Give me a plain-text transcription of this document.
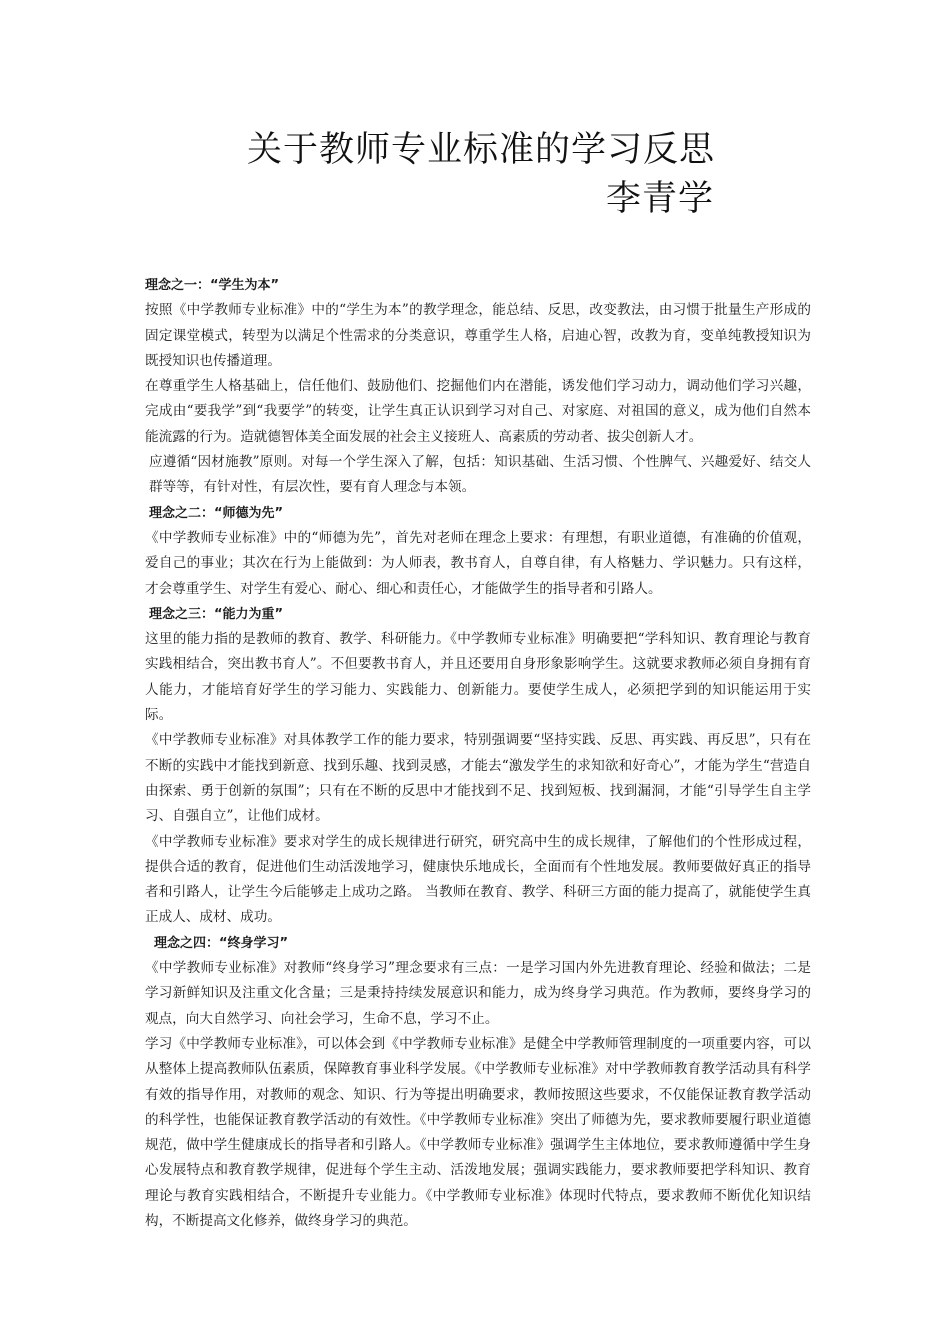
关于教师专业标准的学习反思
李青学

理念之一：“学生为本”

按照《中学教师专业标准》中的“学生为本”的教学理念，能总结、反思，改变教法，由习惯于批量生产形成的固定课堂模式，转型为以满足个性需求的分类意识，尊重学生人格，启迪心智，改教为育，变单纯教授知识为既授知识也传播道理。

在尊重学生人格基础上，信任他们、鼓励他们、挖掘他们内在潜能，诱发他们学习动力，调动他们学习兴趣，完成由“要我学”到“我要学”的转变，让学生真正认识到学习对自己、对家庭、对祖国的意义，成为他们自然本能流露的行为。造就德智体美全面发展的社会主义接班人、高素质的劳动者、拔尖创新人才。

应遵循“因材施教”原则。对每一个学生深入了解，包括：知识基础、生活习惯、个性脾气、兴趣爱好、结交人群等等，有针对性，有层次性，要有育人理念与本领。

理念之二：“师德为先”

《中学教师专业标准》中的“师德为先”，首先对老师在理念上要求：有理想，有职业道德，有准确的价值观，爱自己的事业；其次在行为上能做到：为人师表，教书育人，自尊自律，有人格魅力、学识魅力。只有这样，才会尊重学生、对学生有爱心、耐心、细心和责任心，才能做学生的指导者和引路人。

理念之三：“能力为重”

这里的能力指的是教师的教育、教学、科研能力。《中学教师专业标准》明确要把“学科知识、教育理论与教育实践相结合，突出教书育人”。不但要教书育人，并且还要用自身形象影响学生。这就要求教师必须自身拥有育人能力，才能培育好学生的学习能力、实践能力、创新能力。要使学生成人，必须把学到的知识能运用于实际。

《中学教师专业标准》对具体教学工作的能力要求，特别强调要“坚持实践、反思、再实践、再反思”，只有在不断的实践中才能找到新意、找到乐趣、找到灵感，才能去“激发学生的求知欲和好奇心”，才能为学生“营造自由探索、勇于创新的氛围”；只有在不断的反思中才能找到不足、找到短板、找到漏洞，才能“引导学生自主学习、自强自立”，让他们成材。

《中学教师专业标准》要求对学生的成长规律进行研究，研究高中生的成长规律，了解他们的个性形成过程，提供合适的教育，促进他们生动活泼地学习，健康快乐地成长，全面而有个性地发展。教师要做好真正的指导者和引路人，让学生今后能够走上成功之路。 当教师在教育、教学、科研三方面的能力提高了，就能使学生真正成人、成材、成功。

理念之四：“终身学习”

《中学教师专业标准》对教师“终身学习”理念要求有三点：一是学习国内外先进教育理论、经验和做法；二是学习新鲜知识及注重文化含量；三是秉持持续发展意识和能力，成为终身学习典范。作为教师，要终身学习的观点，向大自然学习、向社会学习，生命不息，学习不止。

学习《中学教师专业标准》，可以体会到《中学教师专业标准》是健全中学教师管理制度的一项重要内容，可以从整体上提高教师队伍素质，保障教育事业科学发展。《中学教师专业标准》对中学教师教育教学活动具有科学有效的指导作用，对教师的观念、知识、行为等提出明确要求，教师按照这些要求，不仅能保证教育教学活动的科学性，也能保证教育教学活动的有效性。《中学教师专业标准》突出了师德为先，要求教师要履行职业道德规范，做中学生健康成长的指导者和引路人。《中学教师专业标准》强调学生主体地位，要求教师遵循中学生身心发展特点和教育教学规律，促进每个学生主动、活泼地发展；强调实践能力，要求教师要把学科知识、教育理论与教育实践相结合，不断提升专业能力。《中学教师专业标准》体现时代特点，要求教师不断优化知识结构，不断提高文化修养，做终身学习的典范。
